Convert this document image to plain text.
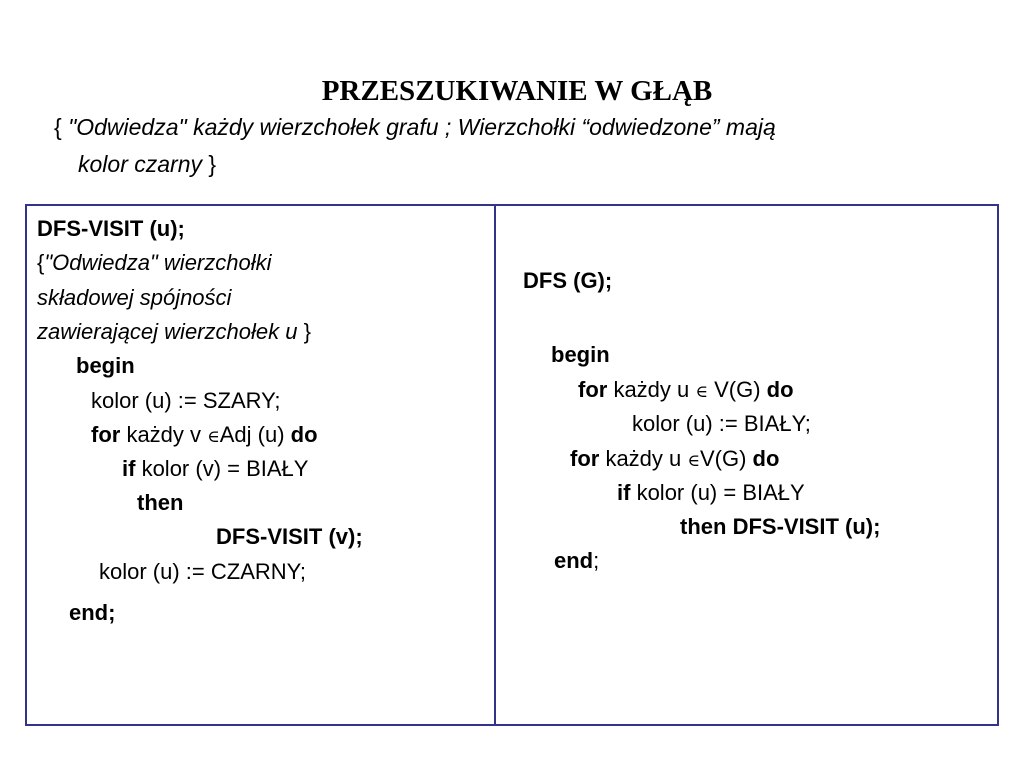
PRZESZUKIWANIE W GŁĄB
{ "Odwiedza" każdy wierzchołek grafu ; Wierzchołki “odwiedzone” mają
kolor czarny }
DFS-VISIT (u);
{"Odwiedza" wierzchołki
składowej spójności
zawierającej wierzchołek u }
begin
kolor (u) := SZARY;
for każdy v ∈Adj (u) do
if kolor (v) = BIAŁY
then
DFS-VISIT (v);
kolor (u) := CZARNY;
end;
DFS (G);
begin
for każdy u ∈ V(G) do
kolor (u) := BIAŁY;
for każdy u ∈V(G) do
if kolor (u) = BIAŁY
then DFS-VISIT (u);
end;
